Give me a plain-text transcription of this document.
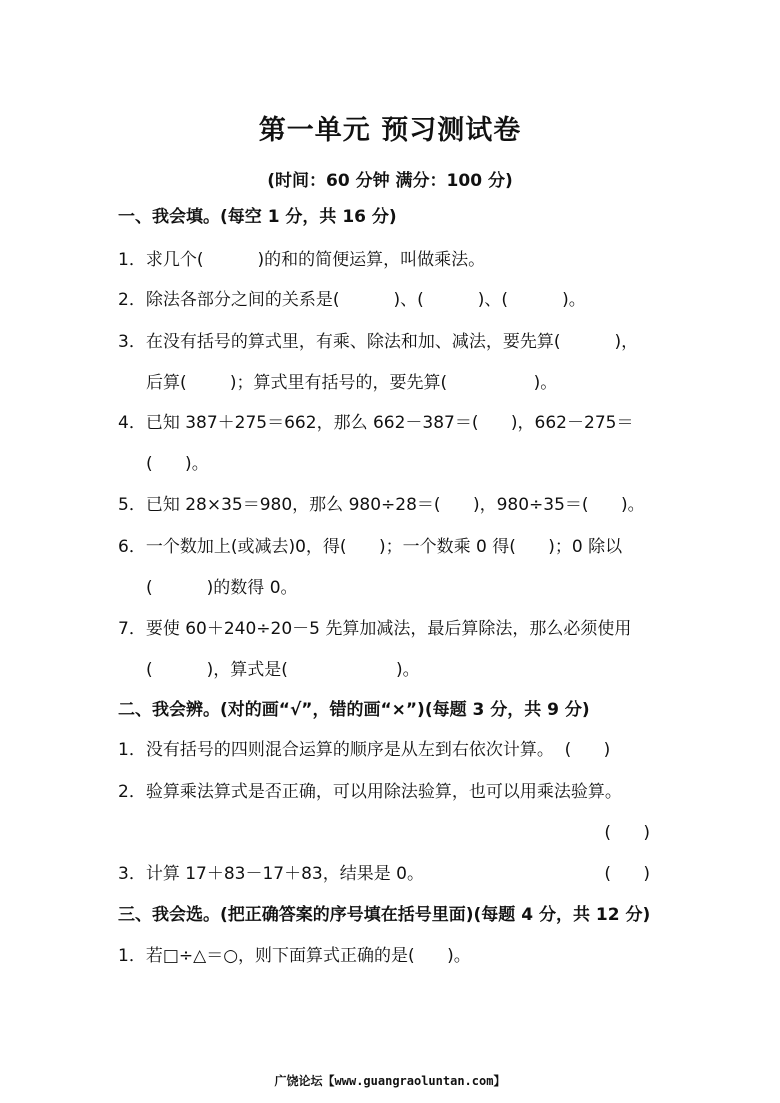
第一单元 预习测试卷
(时间：60 分钟 满分：100 分)
一、我会填。(每空 1 分，共 16 分)
1．求几个(          )的和的简便运算，叫做乘法。
2．除法各部分之间的关系是(          )、(          )、(          )。
3．在没有括号的算式里，有乘、除法和加、减法，要先算(          )，
后算(        )；算式里有括号的，要先算(                )。
4．已知 387＋275＝662，那么 662－387＝(      )，662－275＝
(      )。
5．已知 28×35＝980，那么 980÷28＝(      )，980÷35＝(      )。
6．一个数加上(或减去)0，得(      )；一个数乘 0 得(      )；0 除以
(          )的数得 0。
7．要使 60＋240÷20－5 先算加减法，最后算除法，那么必须使用
(          )，算式是(                    )。
二、我会辨。(对的画“√”，错的画“×”)(每题 3 分，共 9 分)
1．没有括号的四则混合运算的顺序是从左到右依次计算。  (      )
2．验算乘法算式是否正确，可以用除法验算，也可以用乘法验算。
(      )
3．计算 17＋83－17＋83，结果是 0。	(      )
三、我会选。(把正确答案的序号填在括号里面)(每题 4 分，共 12 分)
1．若□÷△＝○，则下面算式正确的是(      )。
广饶论坛【www.guangraoluntan.com】
